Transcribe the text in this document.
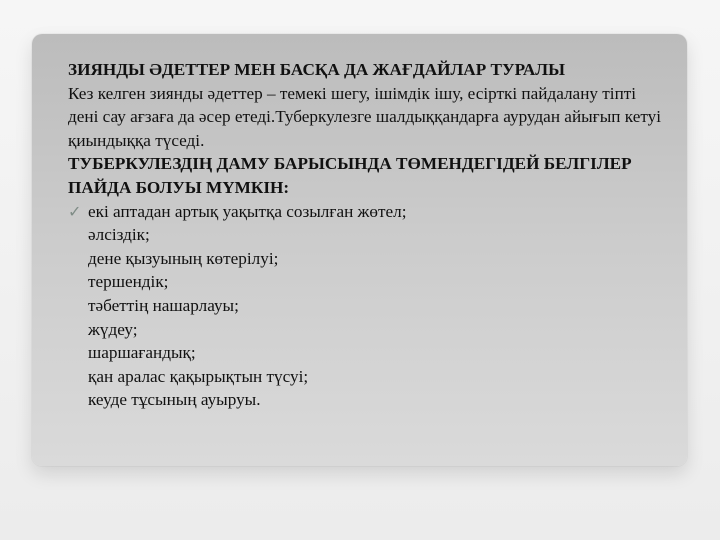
ЗИЯНДЫ ӘДЕТТЕР МЕН БАСҚА ДА ЖАҒДАЙЛАР ТУРАЛЫ
Кез келген зиянды әдеттер – темекі шегу, ішімдік ішу, есірткі пайдалану тіпті дені сау ағзаға да әсер етеді.Туберкулезге шалдыққандарға аурудан айығып кетуі қиындыққа түседі.
ТУБЕРКУЛЕЗДІҢ ДАМУ БАРЫСЫНДА ТӨМЕНДЕГІДЕЙ БЕЛГІЛЕР ПАЙДА БОЛУЫ МҮМКІН:
✓ екі аптадан артық уақытқа созылған жөтел;
әлсіздік;
дене қызуының көтерілуі;
тершендік;
тәбеттің нашарлауы;
жүдеу;
шаршағандық;
қан аралас қақырықтын түсуі;
кеуде тұсының ауыруы.
